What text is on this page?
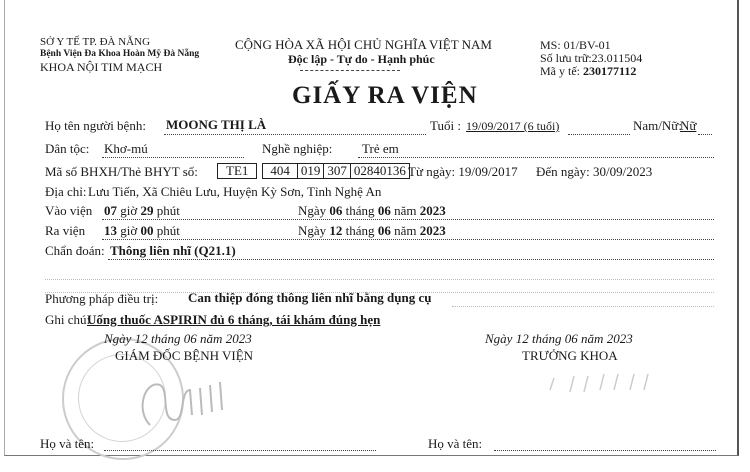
SỞ Y TẾ TP. ĐÀ NẴNG
Bệnh Viện Đa Khoa Hoàn Mỹ Đà Nẵng
KHOA NỘI TIM MẠCH
CỘNG HÒA XÃ HỘI CHỦ NGHĨA VIỆT NAM
Độc lập - Tự do - Hạnh phúc
MS: 01/BV-01
Số lưu trữ:23.011504
Mã y tế: 230177112
GIẤY RA VIỆN
Họ tên người bệnh: MOONG THỊ LÀ	Tuổi : 19/09/2017 (6 tuổi)	Nam/Nữ:
Nữ
Dân tộc: Khơ-mú	Nghề nghiệp: Trẻ em
Mã số BHXH/Thẻ BHYT số:	TE1 404 019 307 02840136 Từ ngày: 19/09/2017 Đến ngày: 30/09/2023
Địa chỉ: Lưu Tiến, Xã Chiêu Lưu, Huyện Kỳ Sơn, Tỉnh Nghệ An
Vào viện 07 giờ 29 phút	Ngày 06 tháng 06 năm 2023
Ra viện 13 giờ 00 phút	Ngày 12 tháng 06 năm 2023
Chẩn đoán: Thông liên nhĩ (Q21.1)
Phương pháp điều trị: Can thiệp đóng thông liên nhĩ bằng dụng cụ
Ghi chú:
Uống thuốc ASPIRIN đủ 6 tháng, tái khám đúng hẹn
Ngày 12 tháng 06 năm 2023
GIÁM ĐỐC BỆNH VIỆN
Ngày 12 tháng 06 năm 2023
TRƯỞNG KHOA
Họ và tên:	Họ và tên:
